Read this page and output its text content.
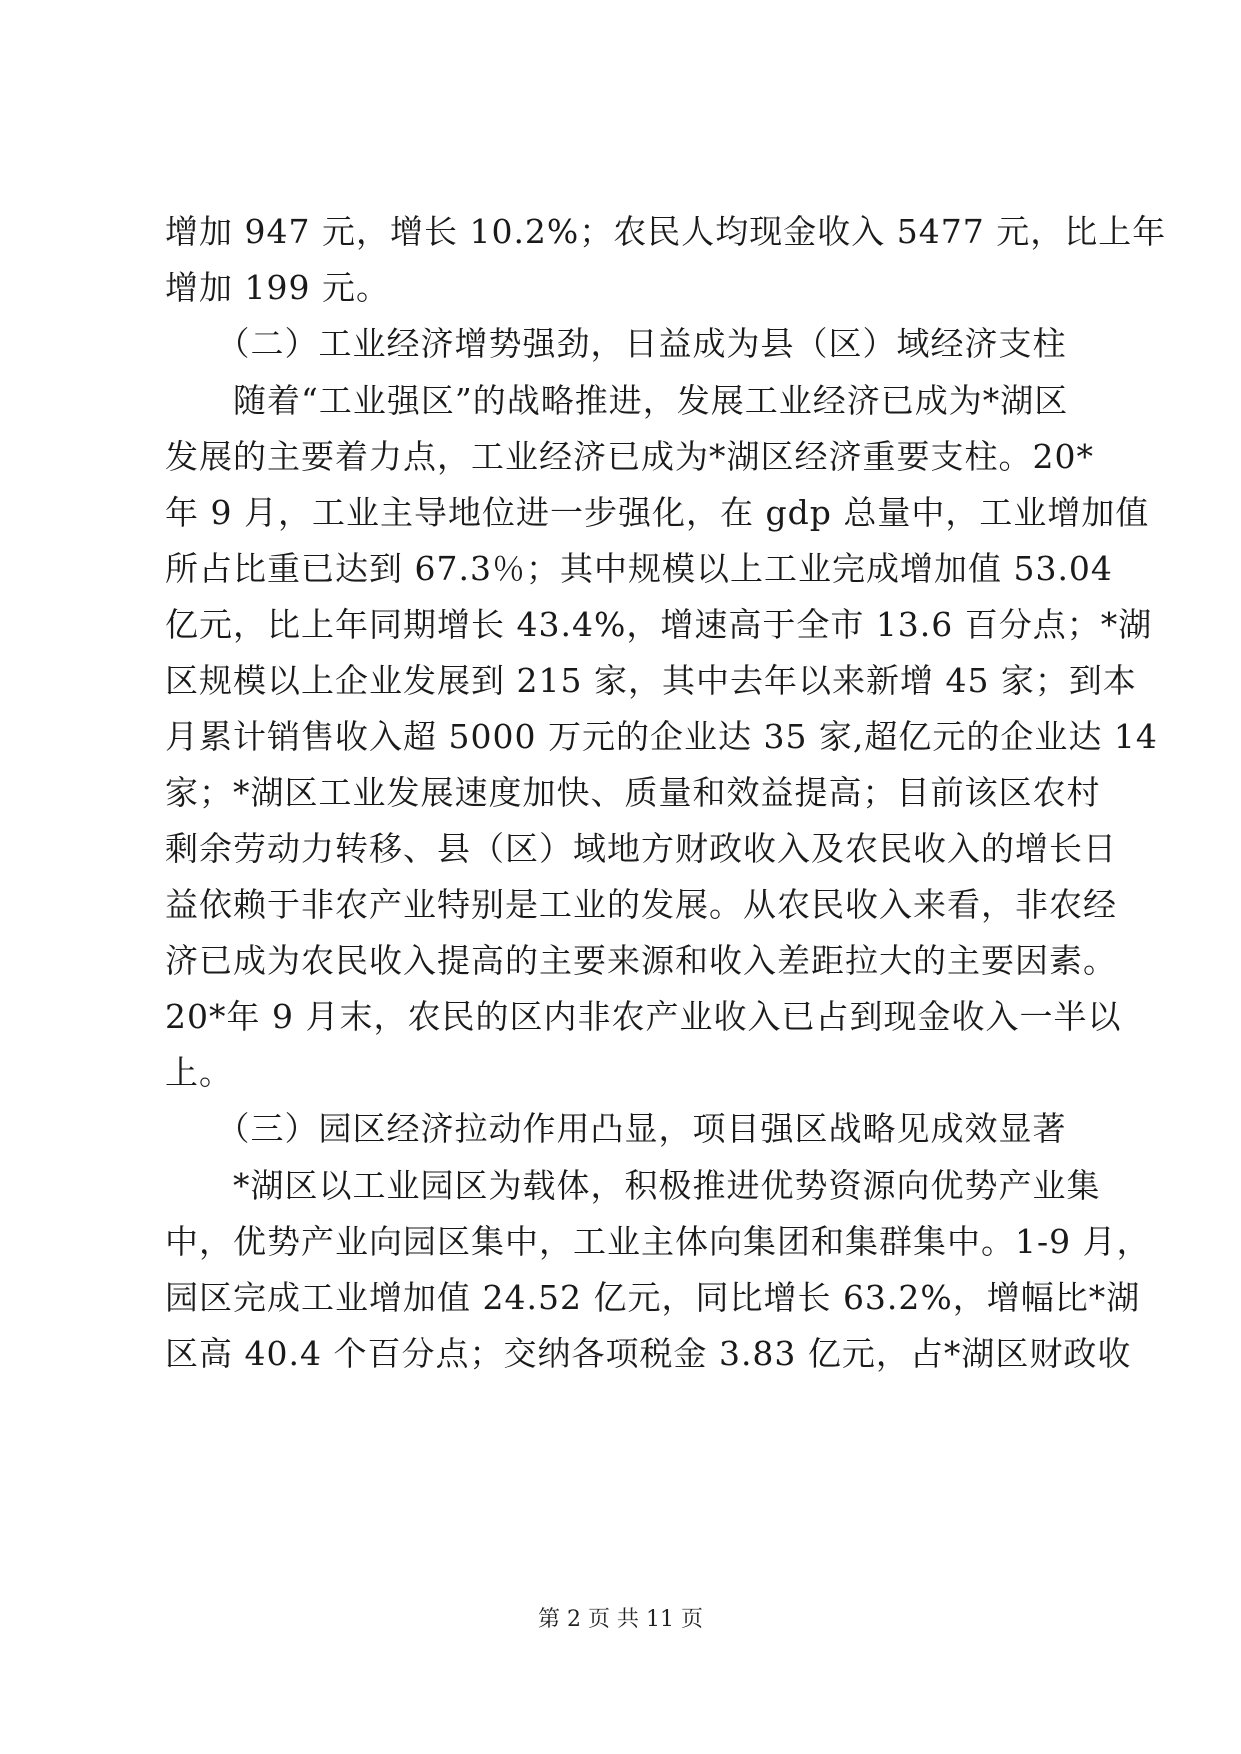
增加 947 元，增长 10.2%；农民人均现金收入 5477 元，比上年
增加 199 元。
　　（二）工业经济增势强劲，日益成为县（区）域经济支柱
　　随着“工业强区”的战略推进，发展工业经济已成为*湖区
发展的主要着力点，工业经济已成为*湖区经济重要支柱。20*
年 9 月，工业主导地位进一步强化，在 gdp 总量中，工业增加值
所占比重已达到 67.3％；其中规模以上工业完成增加值 53.04
亿元，比上年同期增长 43.4%，增速高于全市 13.6 百分点；*湖
区规模以上企业发展到 215 家，其中去年以来新增 45 家；到本
月累计销售收入超 5000 万元的企业达 35 家,超亿元的企业达 14
家；*湖区工业发展速度加快、质量和效益提高；目前该区农村
剩余劳动力转移、县（区）域地方财政收入及农民收入的增长日
益依赖于非农产业特别是工业的发展。从农民收入来看，非农经
济已成为农民收入提高的主要来源和收入差距拉大的主要因素。
20*年 9 月末，农民的区内非农产业收入已占到现金收入一半以
上。
　　（三）园区经济拉动作用凸显，项目强区战略见成效显著
　　*湖区以工业园区为载体，积极推进优势资源向优势产业集
中，优势产业向园区集中，工业主体向集团和集群集中。1-9 月，
园区完成工业增加值 24.52 亿元，同比增长 63.2%，增幅比*湖
区高 40.4 个百分点；交纳各项税金 3.83 亿元，占*湖区财政收
第 2 页 共 11 页
